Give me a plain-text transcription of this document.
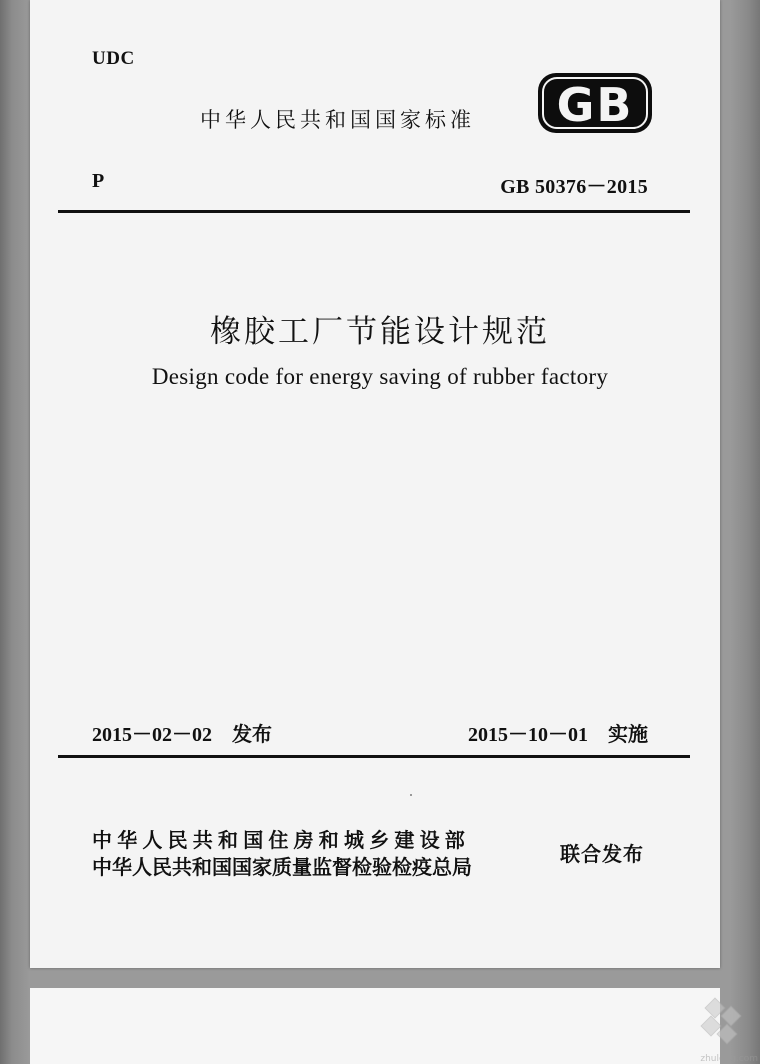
UDC
中华人民共和国国家标准 GB
P	GB 50376－2015
橡胶工厂节能设计规范
Design code for energy saving of rubber factory
2015－02－02　发布	2015－10－01　实施
中华人民共和国住房和城乡建设部
中华人民共和国国家质量监督检验检疫总局
联合发布
zhulong.com
